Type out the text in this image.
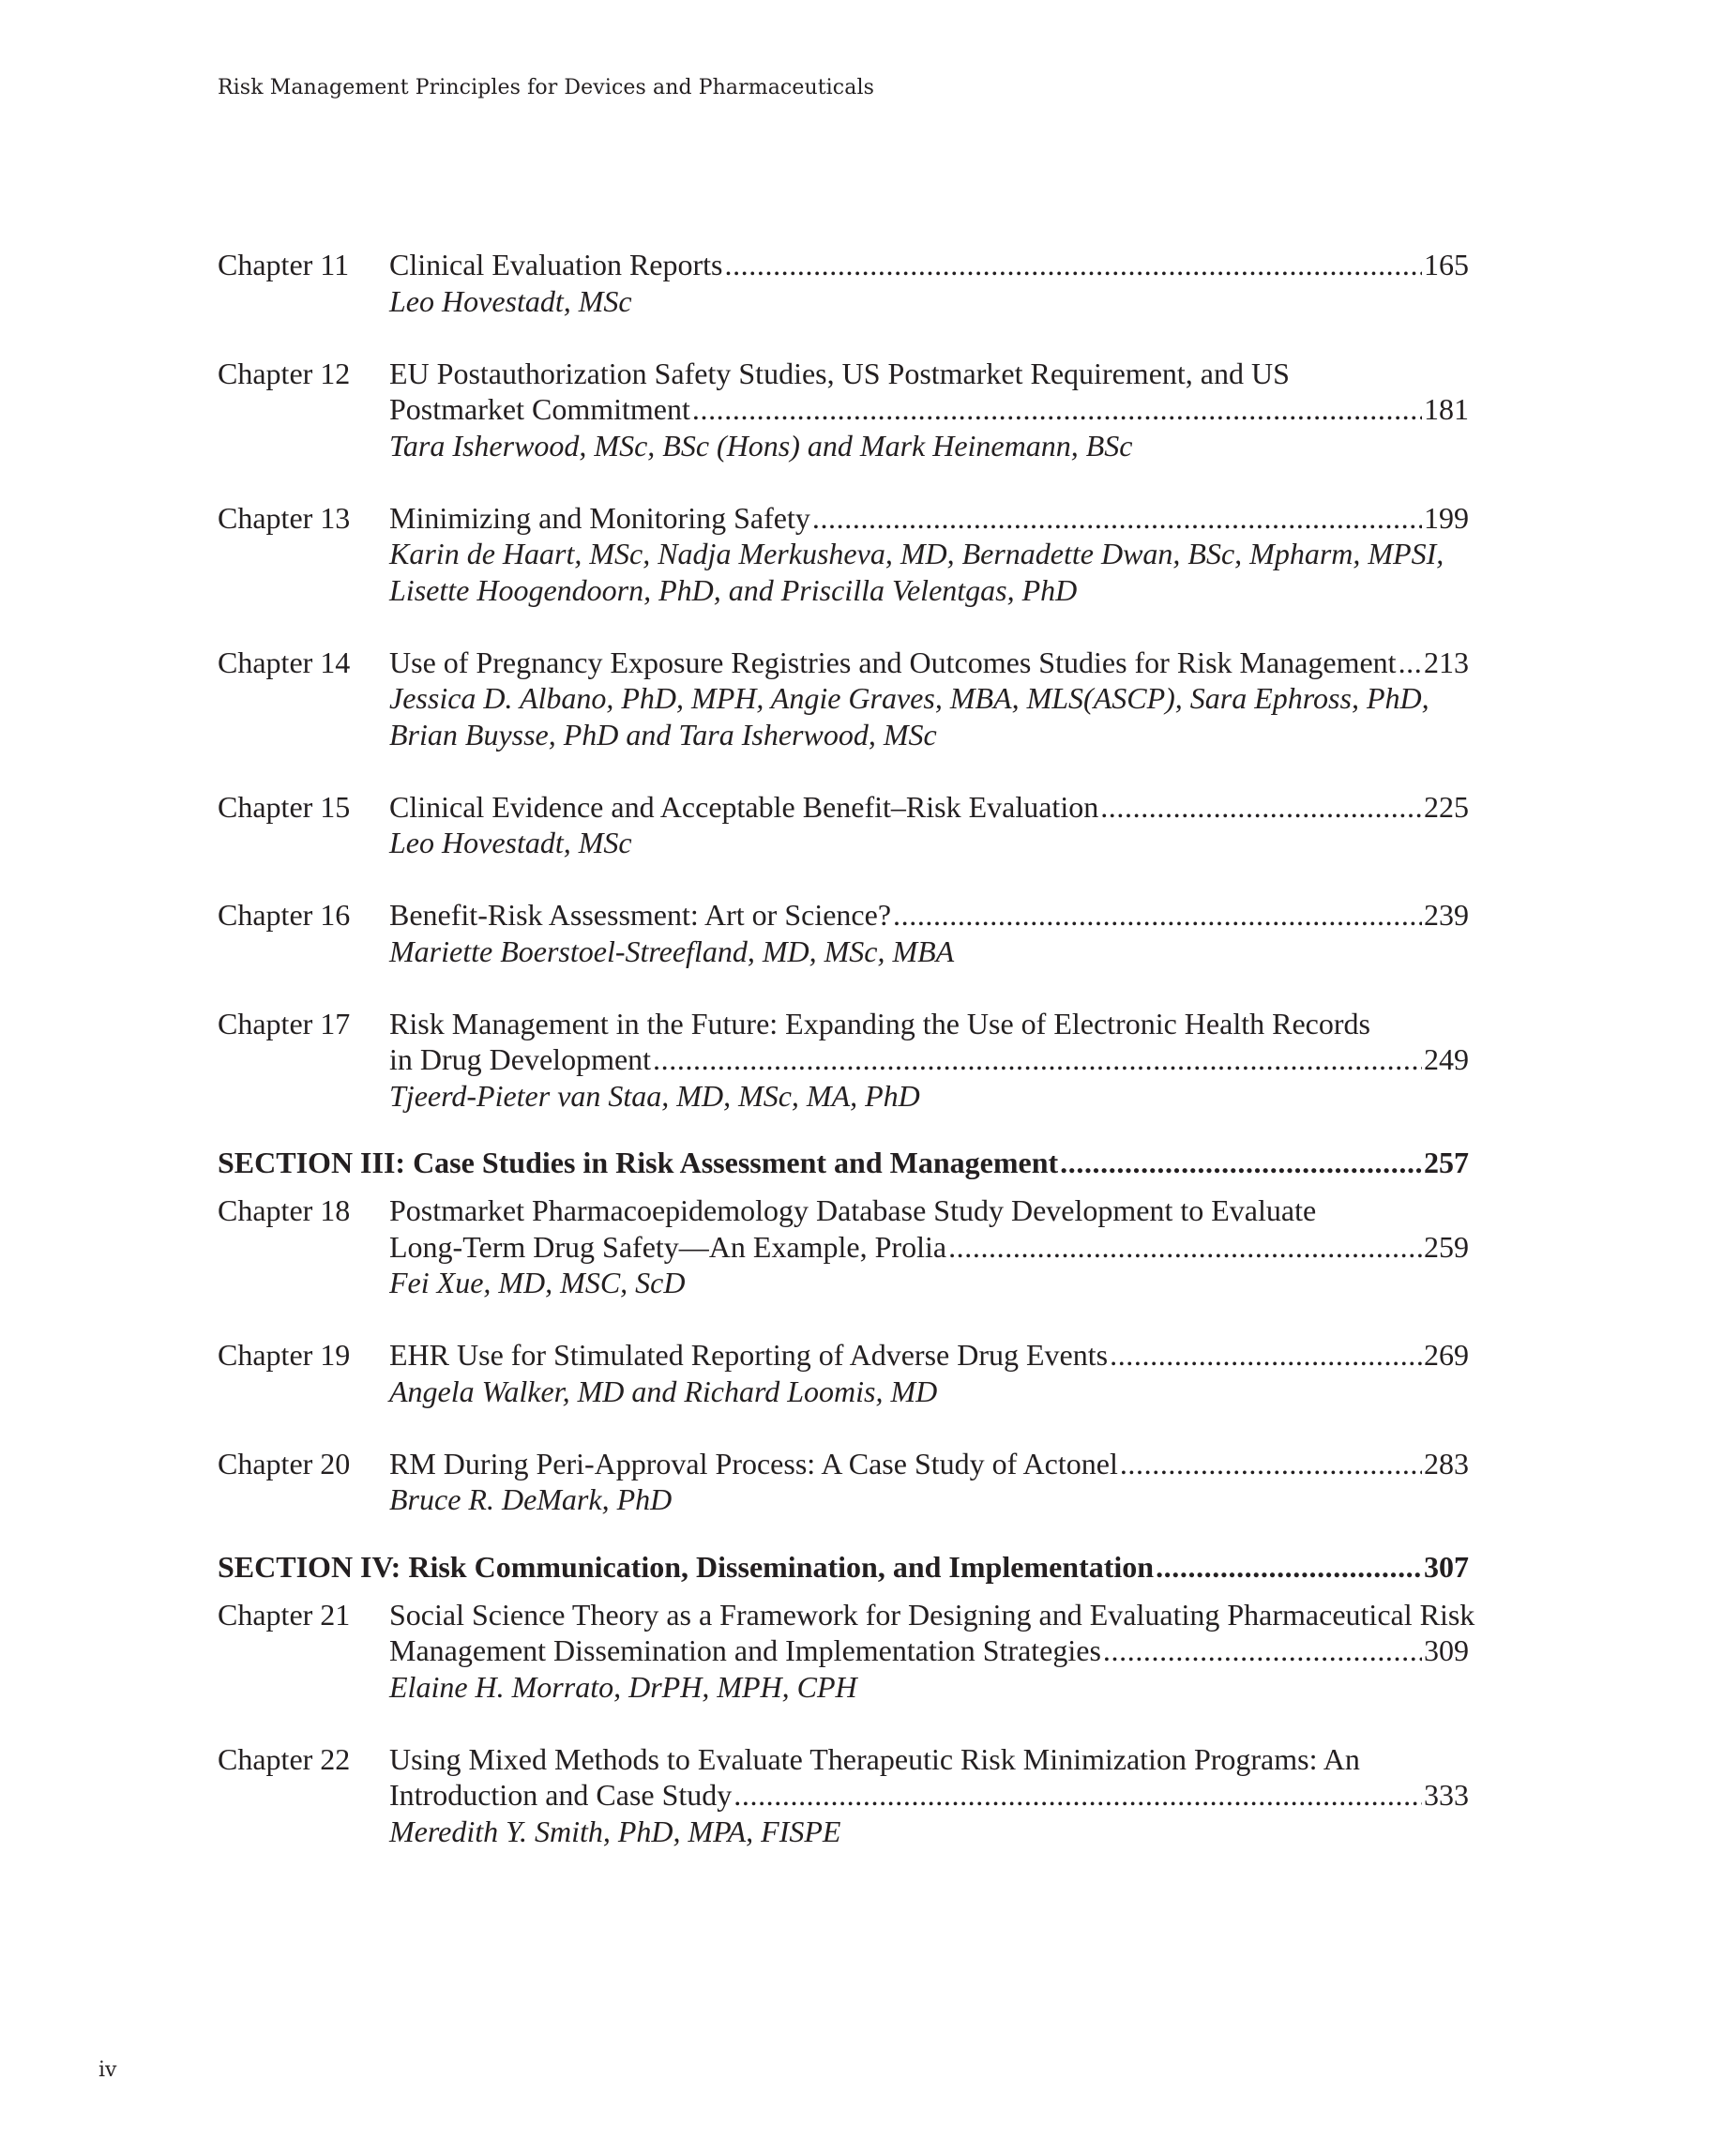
Risk Management Principles for Devices and Pharmaceuticals
Chapter 11 Clinical Evaluation Reports .....	165
Leo Hovestadt, MSc
Chapter 12 EU Postauthorization Safety Studies, US Postmarket Requirement, and US
Postmarket Commitment .....	181
Tara Isherwood, MSc, BSc (Hons) and Mark Heinemann, BSc
Chapter 13 Minimizing and Monitoring Safety .....	199
Karin de Haart, MSc, Nadja Merkusheva, MD, Bernadette Dwan, BSc, Mpharm, MPSI,
Lisette Hoogendoorn, PhD, and Priscilla Velentgas, PhD
Chapter 14 Use of Pregnancy Exposure Registries and Outcomes Studies for Risk Management ..... 213
Jessica D. Albano, PhD, MPH, Angie Graves, MBA, MLS(ASCP), Sara Ephross, PhD,
Brian Buysse, PhD and Tara Isherwood, MSc
Chapter 15 Clinical Evidence and Acceptable Benefit–Risk Evaluation .....	225
Leo Hovestadt, MSc
Chapter 16 Benefit-Risk Assessment: Art or Science? .....	239
Mariette Boerstoel-Streefland, MD, MSc, MBA
Chapter 17 Risk Management in the Future: Expanding the Use of Electronic Health Records
in Drug Development .....	249
Tjeerd-Pieter van Staa, MD, MSc, MA, PhD
SECTION III: Case Studies in Risk Assessment and Management .....	257
Chapter 18 Postmarket Pharmacoepidemology Database Study Development to Evaluate
Long-Term Drug Safety—An Example, Prolia .....	259
Fei Xue, MD, MSC, ScD
Chapter 19 EHR Use for Stimulated Reporting of Adverse Drug Events .....	269
Angela Walker, MD and Richard Loomis, MD
Chapter 20 RM During Peri-Approval Process: A Case Study of Actonel .....	283
Bruce R. DeMark, PhD
SECTION IV: Risk Communication, Dissemination, and Implementation .....	307
Chapter 21 Social Science Theory as a Framework for Designing and Evaluating Pharmaceutical Risk
Management Dissemination and Implementation Strategies .....	309
Elaine H. Morrato, DrPH, MPH, CPH
Chapter 22 Using Mixed Methods to Evaluate Therapeutic Risk Minimization Programs: An
Introduction and Case Study .....	333
Meredith Y. Smith, PhD, MPA, FISPE
iv
